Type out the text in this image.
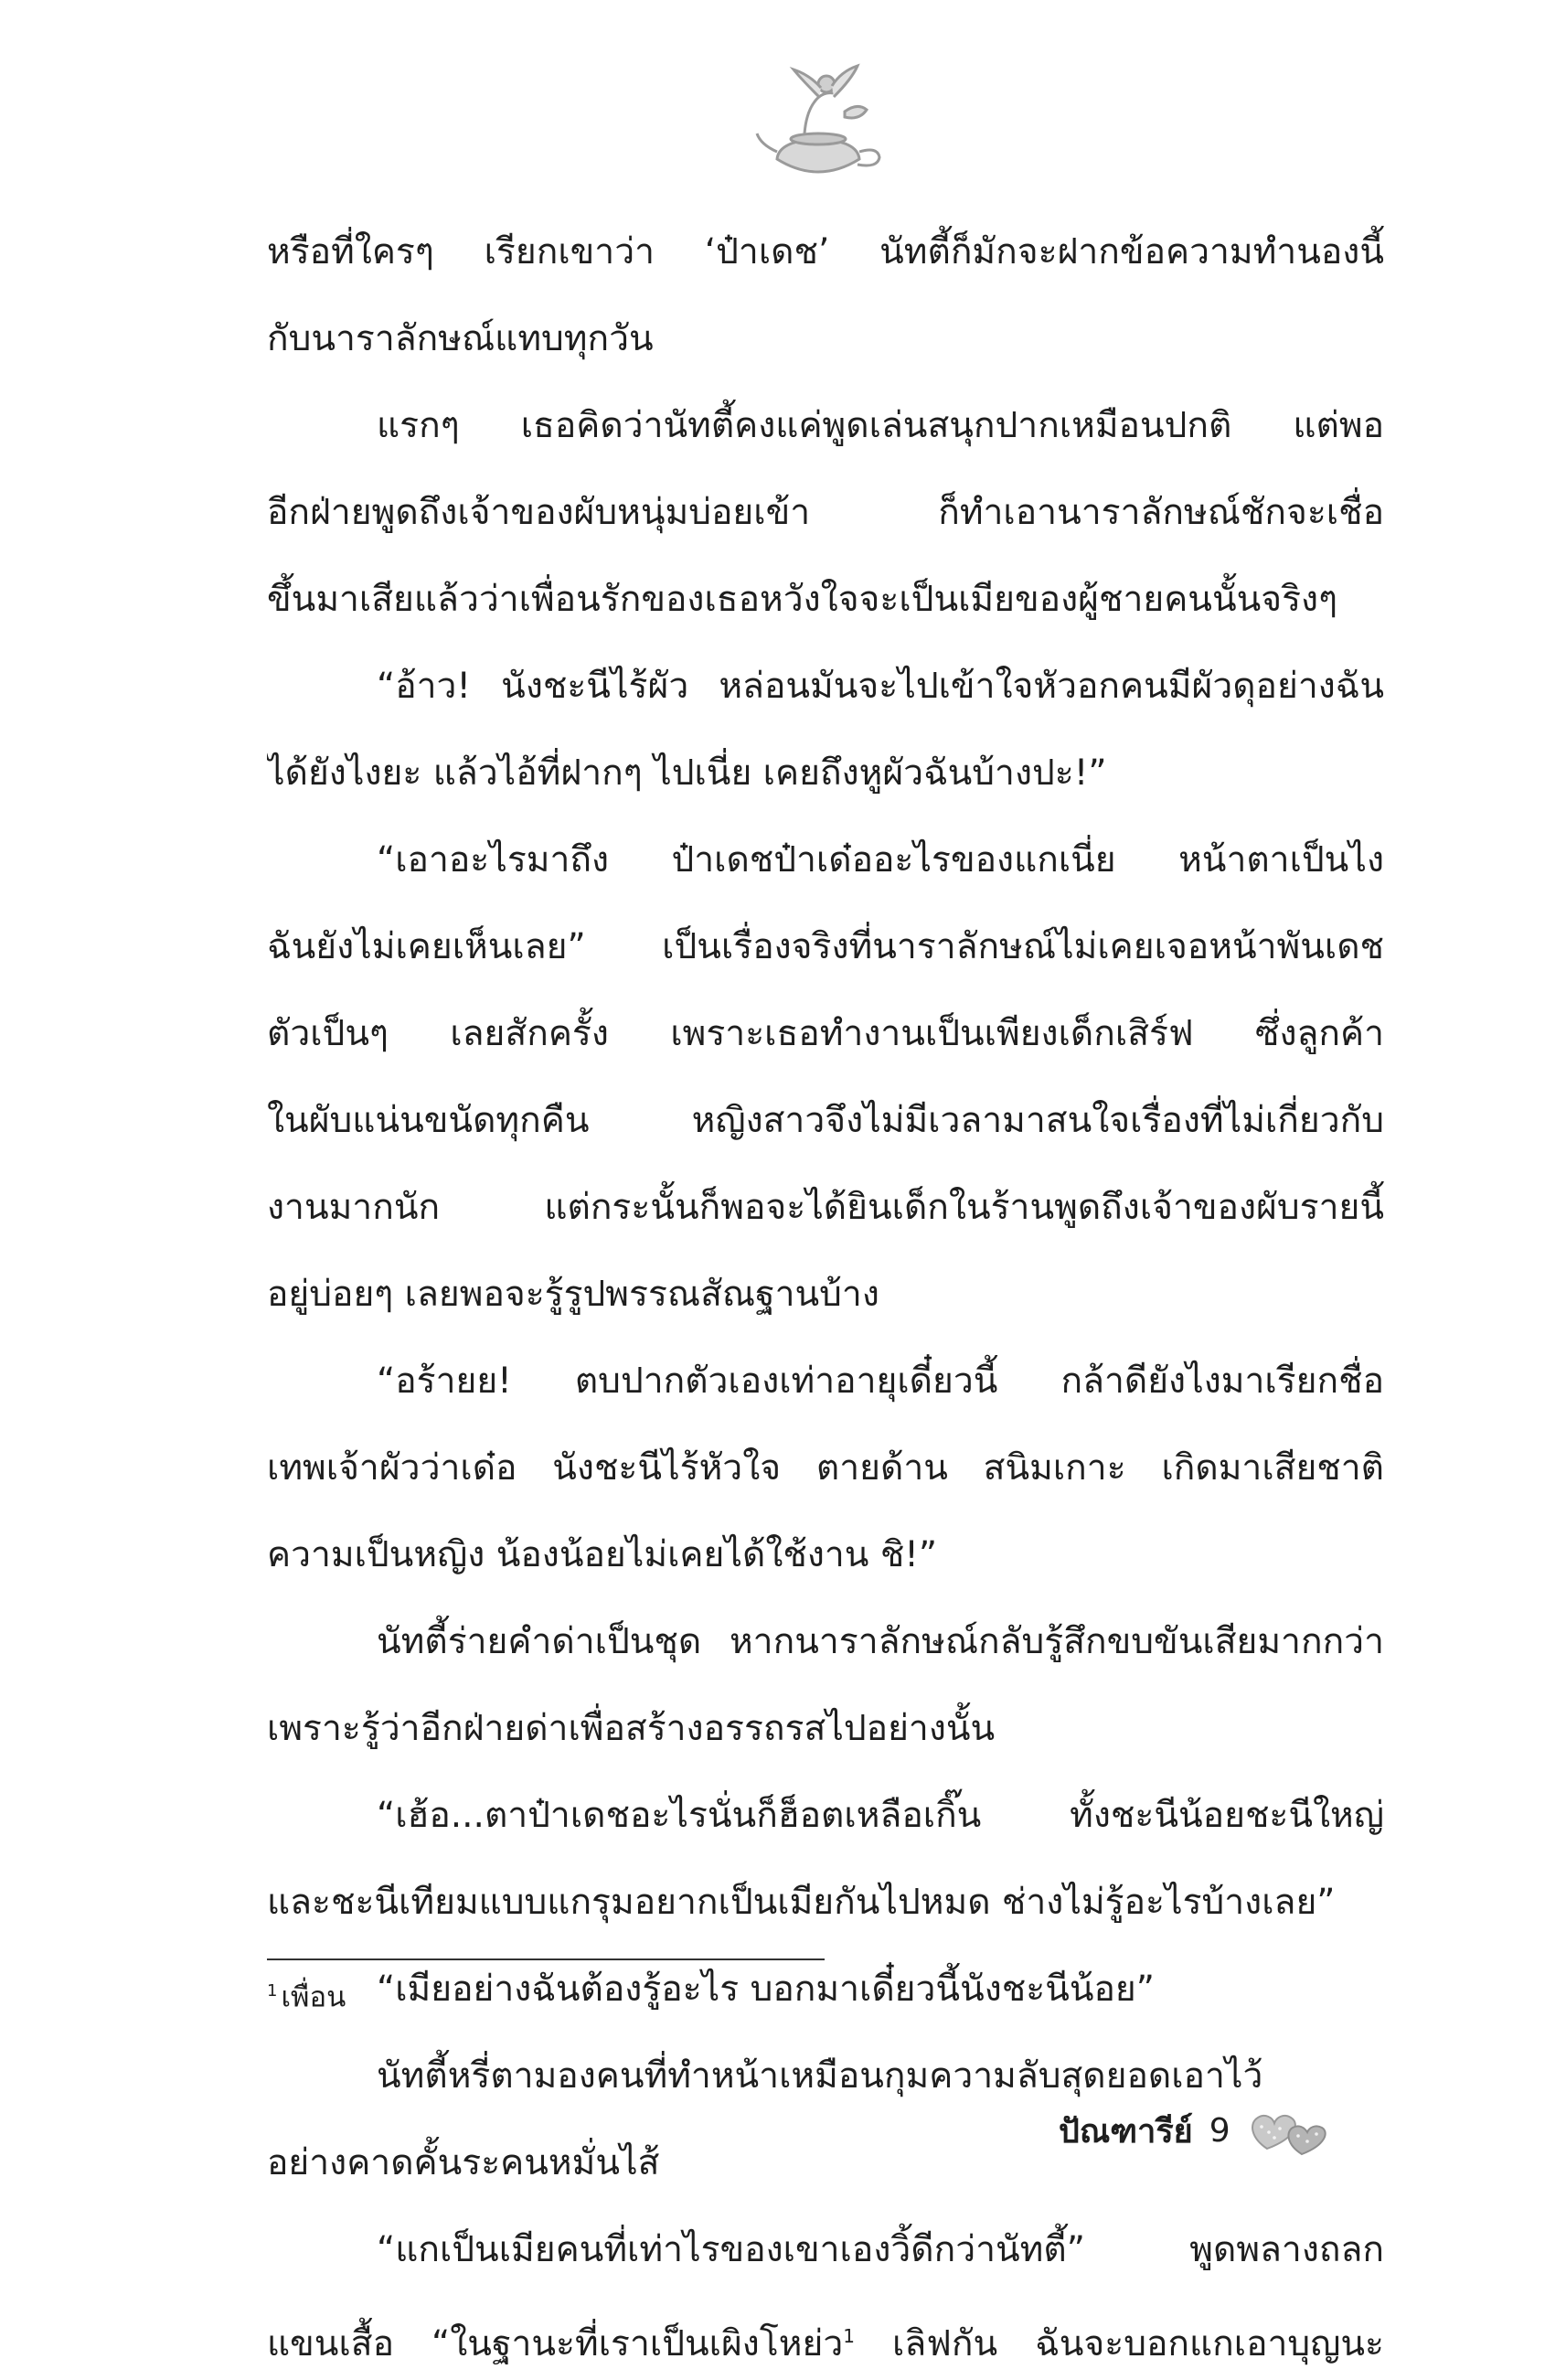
หรือที่ใครๆ เรียกเขาว่า ‘ป๋าเดช’ นัทตี้ก็มักจะฝากข้อความทำนองนี้
กับนาราลักษณ์แทบทุกวัน
แรกๆ เธอคิดว่านัทตี้คงแค่พูดเล่นสนุกปากเหมือนปกติ แต่พอ
อีกฝ่ายพูดถึงเจ้าของผับหนุ่มบ่อยเข้า ก็ทำเอานาราลักษณ์ชักจะเชื่อ
ขึ้นมาเสียแล้วว่าเพื่อนรักของเธอหวังใจจะเป็นเมียของผู้ชายคนนั้นจริงๆ
“อ้าว! นังชะนีไร้ผัว หล่อนมันจะไปเข้าใจหัวอกคนมีผัวดุอย่างฉัน
ได้ยังไงยะ แล้วไอ้ที่ฝากๆ ไปเนี่ย เคยถึงหูผัวฉันบ้างปะ!”
“เอาอะไรมาถึง ป๋าเดชป๋าเด๋ออะไรของแกเนี่ย หน้าตาเป็นไง
ฉันยังไม่เคยเห็นเลย” เป็นเรื่องจริงที่นาราลักษณ์ไม่เคยเจอหน้าพันเดช
ตัวเป็นๆ เลยสักครั้ง เพราะเธอทำงานเป็นเพียงเด็กเสิร์ฟ ซึ่งลูกค้า
ในผับแน่นขนัดทุกคืน หญิงสาวจึงไม่มีเวลามาสนใจเรื่องที่ไม่เกี่ยวกับ
งานมากนัก แต่กระนั้นก็พอจะได้ยินเด็กในร้านพูดถึงเจ้าของผับรายนี้
อยู่บ่อยๆ เลยพอจะรู้รูปพรรณสัณฐานบ้าง
“อร้ายย! ตบปากตัวเองเท่าอายุเดี๋ยวนี้ กล้าดียังไงมาเรียกชื่อ
เทพเจ้าผัวว่าเด๋อ นังชะนีไร้หัวใจ ตายด้าน สนิมเกาะ เกิดมาเสียชาติ
ความเป็นหญิง น้องน้อยไม่เคยได้ใช้งาน ชิ!”
นัทตี้ร่ายคำด่าเป็นชุด หากนาราลักษณ์กลับรู้สึกขบขันเสียมากกว่า
เพราะรู้ว่าอีกฝ่ายด่าเพื่อสร้างอรรถรสไปอย่างนั้น
“เฮ้อ...ตาป๋าเดชอะไรนั่นก็ฮ็อตเหลือเกิ๊น ทั้งชะนีน้อยชะนีใหญ่
และชะนีเทียมแบบแกรุมอยากเป็นเมียกันไปหมด ช่างไม่รู้อะไรบ้างเลย”
“เมียอย่างฉันต้องรู้อะไร บอกมาเดี๋ยวนี้นังชะนีน้อย”
นัทตี้หรี่ตามองคนที่ทำหน้าเหมือนกุมความลับสุดยอดเอาไว้
อย่างคาดคั้นระคนหมั่นไส้
“แกเป็นเมียคนที่เท่าไรของเขาเองวิ้ดีกว่านัทตี้” พูดพลางถลก
แขนเสื้อ “ในฐานะที่เราเป็นเผิงโหย่ว$^1$ เลิฟกัน ฉันจะบอกแกเอาบุญนะ
$^1$ เพื่อน
ปัณฑารีย์ 9
